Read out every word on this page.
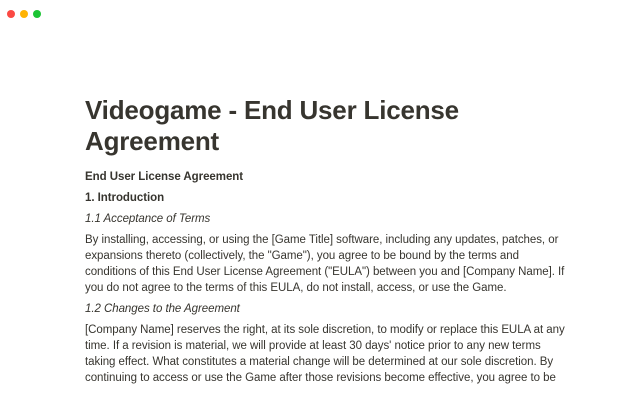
Videogame - End User License Agreement
End User License Agreement
1. Introduction
1.1 Acceptance of Terms
By installing, accessing, or using the [Game Title] software, including any updates, patches, or expansions thereto (collectively, the "Game"), you agree to be bound by the terms and conditions of this End User License Agreement ("EULA") between you and [Company Name]. If you do not agree to the terms of this EULA, do not install, access, or use the Game.
1.2 Changes to the Agreement
[Company Name] reserves the right, at its sole discretion, to modify or replace this EULA at any time. If a revision is material, we will provide at least 30 days' notice prior to any new terms taking effect. What constitutes a material change will be determined at our sole discretion. By continuing to access or use the Game after those revisions become effective, you agree to be
